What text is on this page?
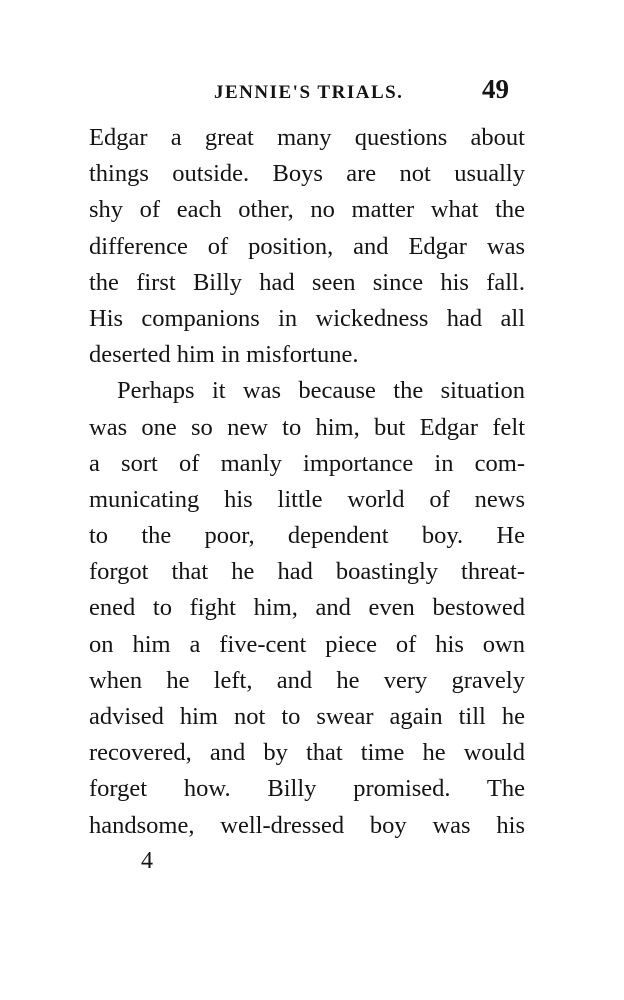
JENNIE'S TRIALS.	49
Edgar a great many questions about
things outside. Boys are not usually
shy of each other, no matter what the
difference of position, and Edgar was
the first Billy had seen since his fall.
His companions in wickedness had all
deserted him in misfortune.
Perhaps it was because the situation
was one so new to him, but Edgar felt
a sort of manly importance in com-
municating his little world of news
to the poor, dependent boy. He
forgot that he had boastingly threat-
ened to fight him, and even bestowed
on him a five-cent piece of his own
when he left, and he very gravely
advised him not to swear again till he
recovered, and by that time he would
forget how. Billy promised. The
handsome, well-dressed boy was his
4
